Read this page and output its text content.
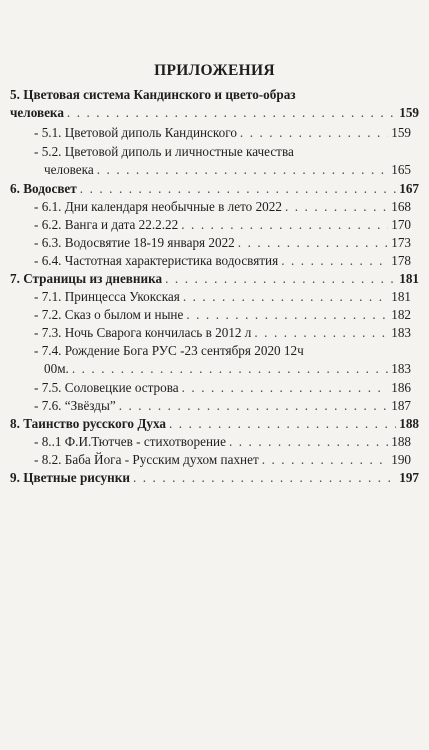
ПРИЛОЖЕНИЯ
5. Цветовая система Кандинского и цвето-образ
человека . . .	159
- 5.1. Цветовой диполь Кандинского . . .	159
- 5.2. Цветовой диполь и личностные качества
человека . . .	165
6. Водосвет . . .	167
- 6.1. Дни календаря необычные в лето 2022 . . .	168
- 6.2. Ванга и дата 22.2.22 . . .	170
- 6.3. Водосвятие 18-19 января 2022 . . .	173
- 6.4. Частотная характеристика водосвятия . . .	178
7. Страницы из дневника . . .	181
- 7.1. Принцесса Укокская . . .	181
- 7.2. Сказ о былом и ныне . . .	182
- 7.3. Ночь Сварога кончилась в 2012 л . . .	183
- 7.4. Рождение Бога РУС -23 сентября 2020 12ч
00м. . . .	183
- 7.5. Соловецкие острова . . .	186
- 7.6. “Звёзды” . . .	187
8. Таинство русского Духа . . .	188
- 8..1 Ф.И.Тютчев - стихотворение . . .	188
- 8.2. Баба Йога - Русским духом пахнет . . .	190
9. Цветные рисунки . . .	197
